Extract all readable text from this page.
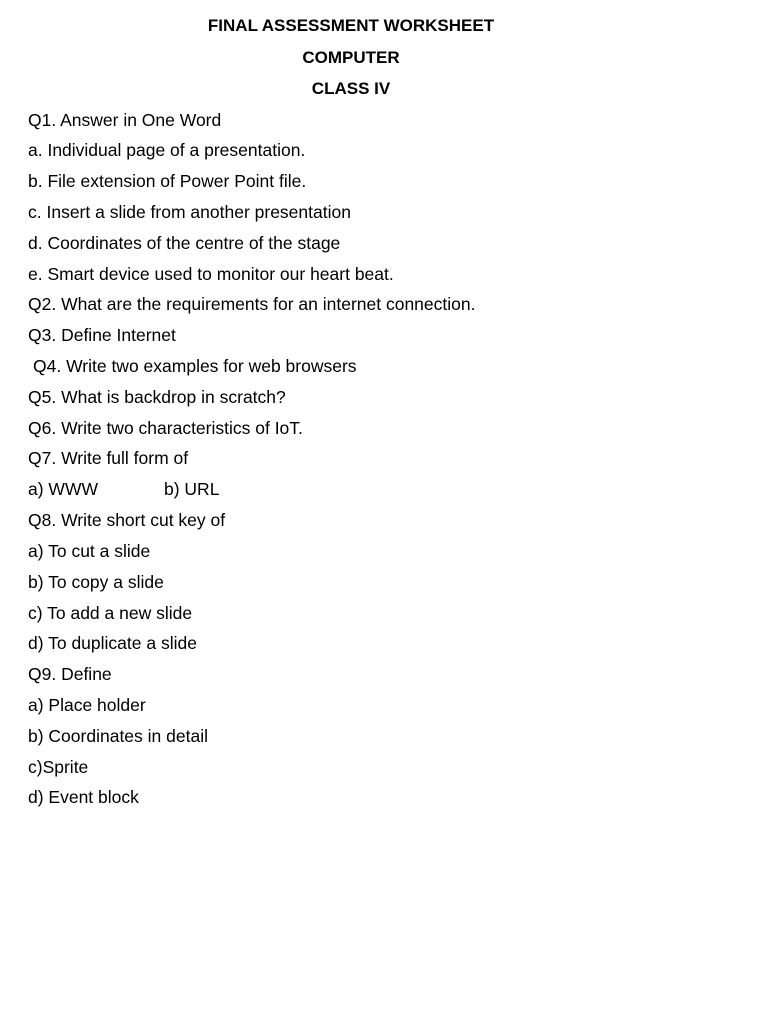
FINAL ASSESSMENT WORKSHEET
COMPUTER
CLASS IV

Q1. Answer in One Word

a. Individual page of a presentation.

b. File extension of Power Point file.

c. Insert a slide from another presentation

d. Coordinates of the centre of the stage

e. Smart device used to monitor our heart beat.

Q2. What are the requirements for an internet connection.

Q3. Define Internet

Q4. Write two examples for web browsers

Q5. What is backdrop in scratch?

Q6. Write two characteristics of IoT.

Q7. Write full form of

a) WWW	b) URL

Q8. Write short cut key of

a) To cut a slide

b) To copy a slide

c) To add a new slide

d) To duplicate a slide

Q9. Define

a) Place holder

b) Coordinates in detail

c)Sprite

d) Event block
